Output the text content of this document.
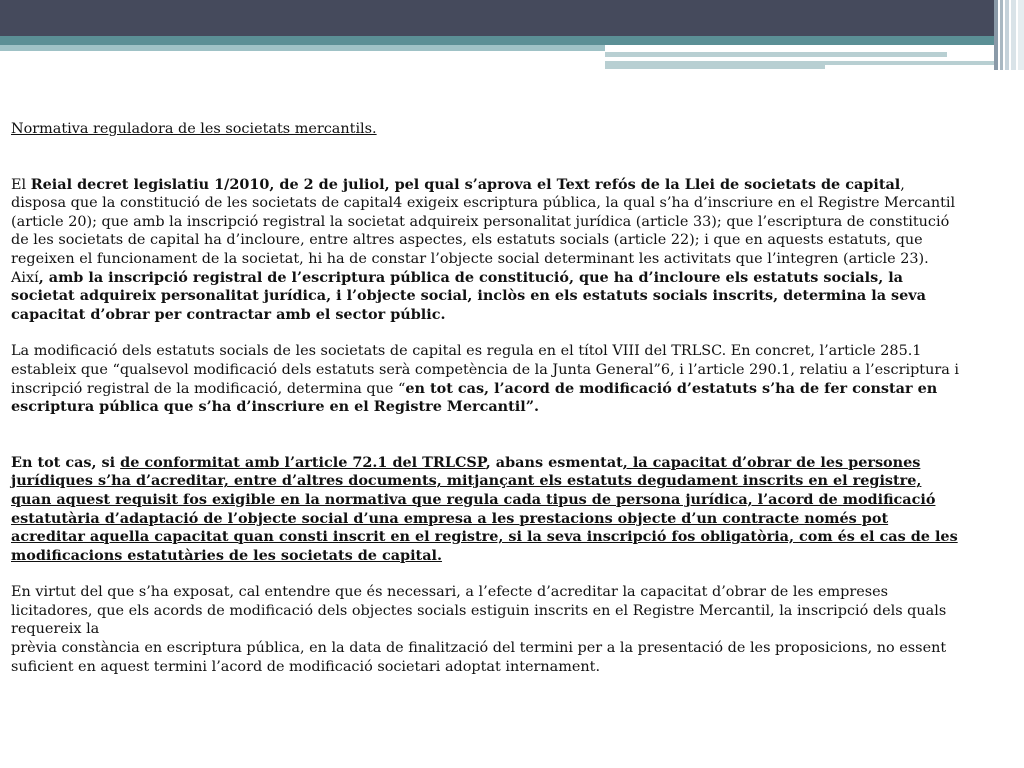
Normativa reguladora de les societats mercantils.

El Reial decret legislatiu 1/2010, de 2 de juliol, pel qual s’aprova el Text refós de la Llei de societats de capital, disposa que la constitució de les societats de capital4 exigeix escriptura pública, la qual s’ha d’inscriure en el Registre Mercantil (article 20); que amb la inscripció registral la societat adquireix personalitat jurídica (article 33); que l’escriptura de constitució de les societats de capital ha d’incloure, entre altres aspectes, els estatuts socials (article 22); i que en aquests estatuts, que regeixen el funcionament de la societat, hi ha de constar l’objecte social determinant les activitats que l’integren (article 23).

Així, amb la inscripció registral de l’escriptura pública de constitució, que ha d’incloure els estatuts socials, la societat adquireix personalitat jurídica, i l’objecte social, inclòs en els estatuts socials inscrits, determina la seva capacitat d’obrar per contractar amb el sector públic.

La modificació dels estatuts socials de les societats de capital es regula en el títol VIII del TRLSC. En concret, l’article 285.1 estableix que “qualsevol modificació dels estatuts serà competència de la Junta General”6, i l’article 290.1, relatiu a l’escriptura i inscripció registral de la modificació, determina que “en tot cas, l’acord de modificació d’estatuts s’ha de fer constar en escriptura pública que s’ha d’inscriure en el Registre Mercantil”.

En tot cas, si de conformitat amb l’article 72.1 del TRLCSP, abans esmentat, la capacitat d’obrar de les persones jurídiques s’ha d’acreditar, entre d’altres documents, mitjançant els estatuts degudament inscrits en el registre, quan aquest requisit fos exigible en la normativa que regula cada tipus de persona jurídica, l’acord de modificació estatutària d’adaptació de l’objecte social d’una empresa a les prestacions objecte d’un contracte només pot acreditar aquella capacitat quan consti inscrit en el registre, si la seva inscripció fos obligatòria, com és el cas de les modificacions estatutàries de les societats de capital.

En virtut del que s’ha exposat, cal entendre que és necessari, a l’efecte d’acreditar la capacitat d’obrar de les empreses licitadores, que els acords de modificació dels objectes socials estiguin inscrits en el Registre Mercantil, la inscripció dels quals requereix la
prèvia constància en escriptura pública, en la data de finalització del termini per a la presentació de les proposicions, no essent suficient en aquest termini l’acord de modificació societari adoptat internament.
